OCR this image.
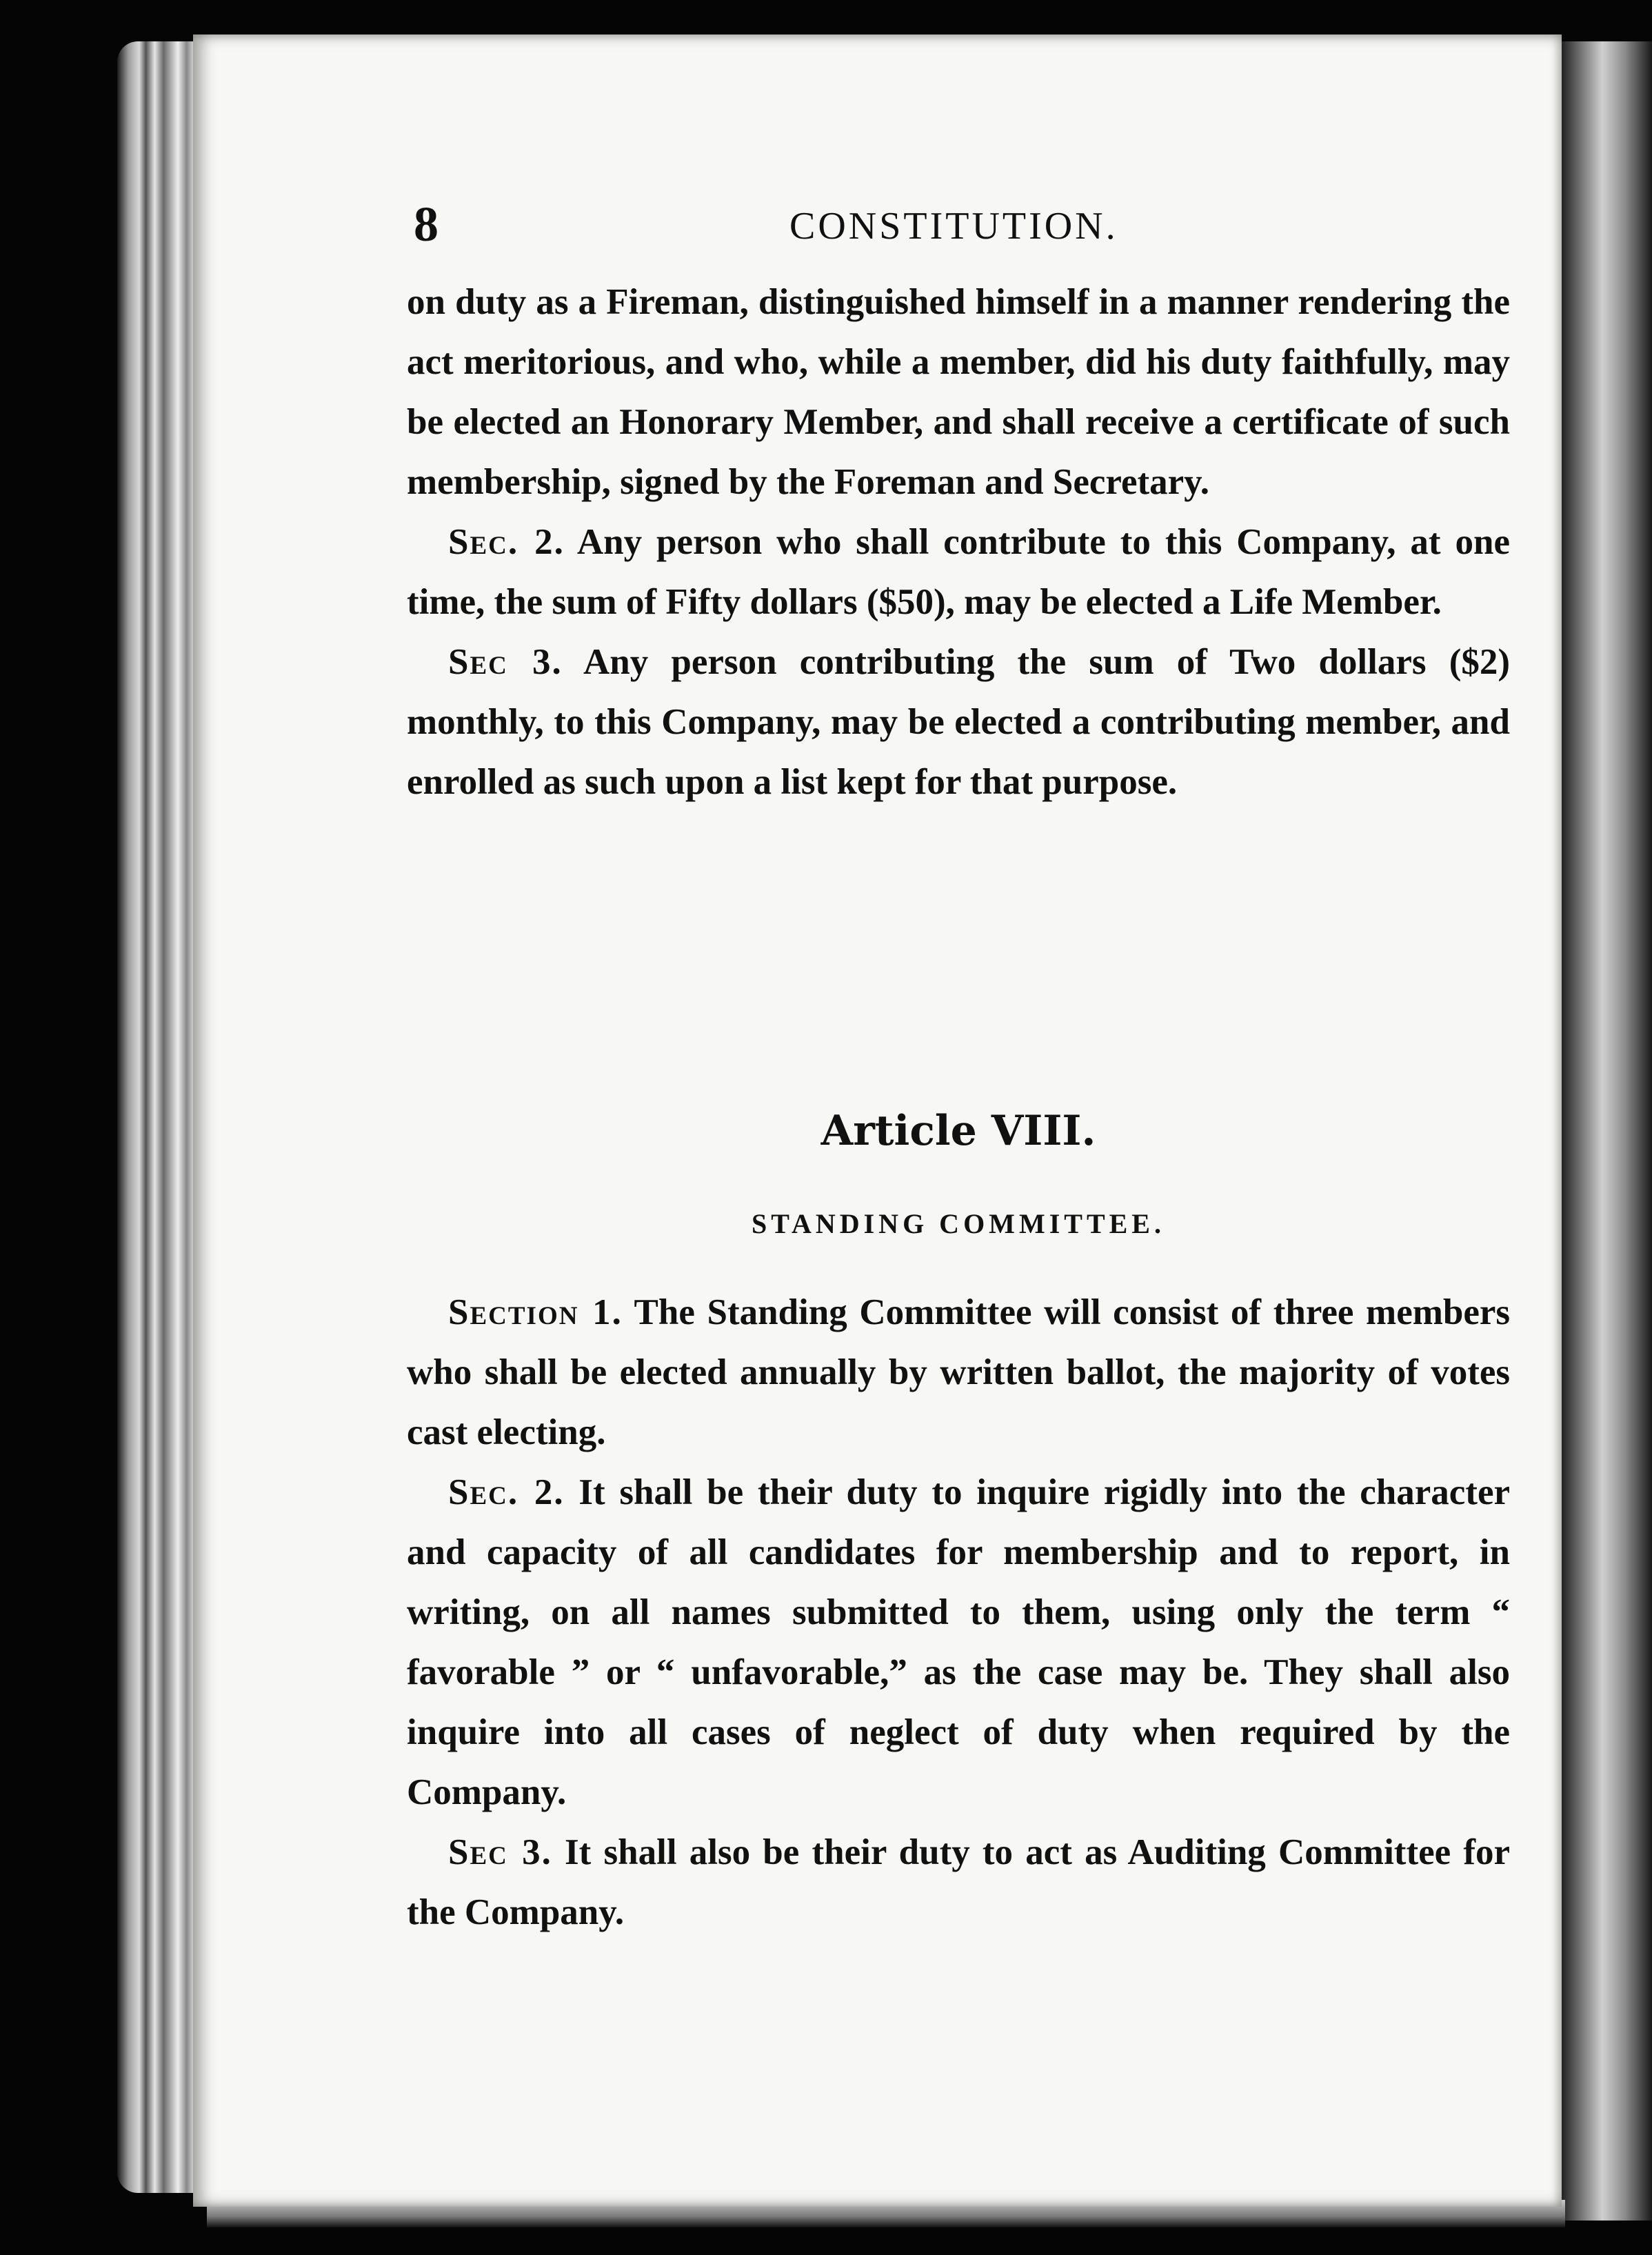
8	CONSTITUTION.

on duty as a Fireman, distinguished himself in a manner rendering the act meritorious, and who, while a member, did his duty faithfully, may be elected an Honorary Member, and shall receive a certificate of such membership, signed by the Foreman and Secretary.

Sec. 2. Any person who shall contribute to this Company, at one time, the sum of Fifty dollars ($50), may be elected a Life Member.

Sec 3. Any person contributing the sum of Two dollars ($2) monthly, to this Company, may be elected a contributing member, and enrolled as such upon a list kept for that purpose.

Article VIII.
STANDING COMMITTEE.

Section 1. The Standing Committee will consist of three members who shall be elected annually by written ballot, the majority of votes cast electing.

Sec. 2. It shall be their duty to inquire rigidly into the character and capacity of all candidates for membership and to report, in writing, on all names submitted to them, using only the term “ favorable ” or “ unfavorable,” as the case may be. They shall also inquire into all cases of neglect of duty when required by the Company.

Sec 3. It shall also be their duty to act as Auditing Committee for the Company.
